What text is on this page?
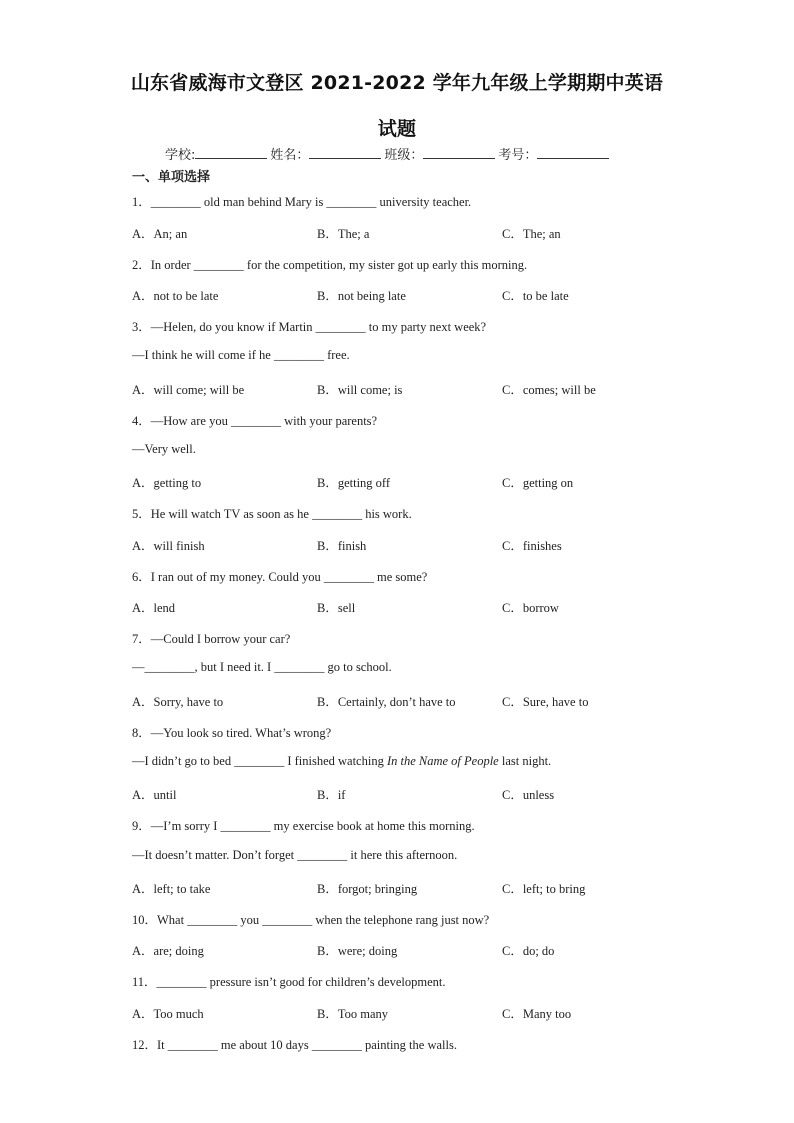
山东省威海市文登区 2021-2022 学年九年级上学期期中英语
试题
学校:	姓名：	班级：	考号：
一、单项选择
1．________ old man behind Mary is ________ university teacher.
A．An; an	B．The; a	C．The; an
2．In order ________ for the competition, my sister got up early this morning.
A．not to be late	B．not being late	C．to be late
3．—Helen, do you know if Martin ________ to my party next week?
—I think he will come if he ________ free.
A．will come; will be	B．will come; is	C．comes; will be
4．—How are you ________ with your parents?
—Very well.
A．getting to	B．getting off	C．getting on
5．He will watch TV as soon as he ________ his work.
A．will finish	B．finish	C．finishes
6．I ran out of my money. Could you ________ me some?
A．lend	B．sell	C．borrow
7．—Could I borrow your car?
—________, but I need it. I ________ go to school.
A．Sorry, have to	B．Certainly, don’t have to	C．Sure, have to
8．—You look so tired. What’s wrong?
—I didn’t go to bed ________ I finished watching In the Name of People last night.
A．until	B．if	C．unless
9．—I’m sorry I ________ my exercise book at home this morning.
—It doesn’t matter. Don’t forget ________ it here this afternoon.
A．left; to take	B．forgot; bringing	C．left; to bring
10．What ________ you ________ when the telephone rang just now?
A．are; doing	B．were; doing	C．do; do
11．________ pressure isn’t good for children’s development.
A．Too much	B．Too many	C．Many too
12．It ________ me about 10 days ________ painting the walls.
